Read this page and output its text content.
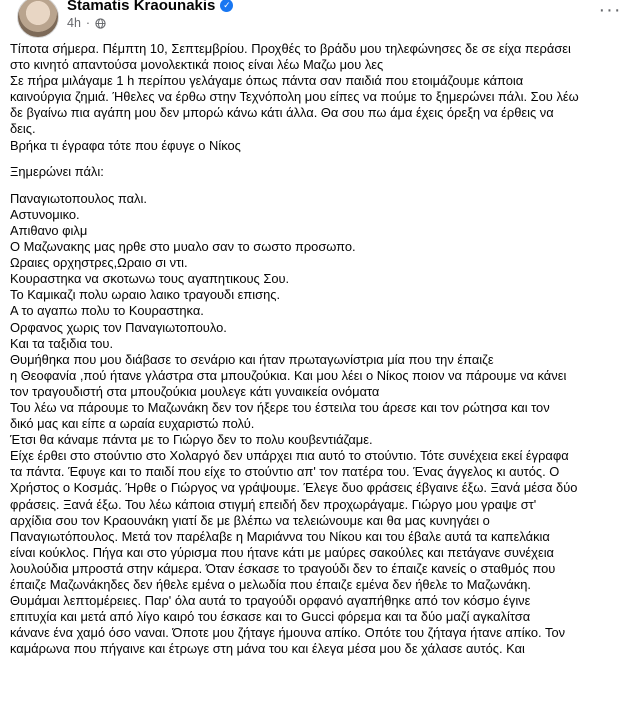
Stamatis Kraounakis ✓
4h ·
···
Τίποτα σήμερα. Πέμπτη 10, Σεπτεμβρίου. Προχθές το βράδυ μου τηλεφώνησες δε σε είχα περάσει
στο κινητό απαντούσα μονολεκτικά ποιος είναι λέω Μαζω μου λες
Σε πήρα μιλάγαμε 1 h περίπου γελάγαμε όπως πάντα σαν παιδιά που ετοιμάζουμε κάποια
καινούργια ζημιά. Ήθελες να έρθω στην Τεχνόπολη μου είπες να πούμε το ξημερώνει πάλι. Σου λέω
δε βγαίνω πια αγάπη μου δεν μπορώ κάνω κάτι άλλα. Θα σου πω άμα έχεις όρεξη να έρθεις να
δεις.
Βρήκα τι έγραφα τότε που έφυγε ο Νίκος
Ξημερώνει πάλι:
Παναγιωτοπουλος παλι.
Αστυνομικο.
Απιθανο φιλμ
Ο Μαζωνακης μας ηρθε στο μυαλο σαν το σωστο προσωπο.
Ωραιες ορχηστρες,Ωραιο σι ντι.
Κουραστηκα να σκοτωνω τους αγαπητικους Σου.
Το Καμικαζι πολυ ωραιο λαικο τραγουδι επισης.
Α το αγαπω πολυ το Κουραστηκα.
Ορφανος χωρις τον Παναγιωτοπουλο.
Και τα ταξιδια του.
Θυμήθηκα που μου διάβασε το σενάριο και ήταν πρωταγωνίστρια μία που την έπαιζε
η Θεοφανία ,πού ήτανε γλάστρα στα μπουζούκια. Και μου λέει ο Νίκος ποιον να πάρουμε να κάνει
τον τραγουδιστή στα μπουζούκια μουλεγε κάτι γυναικεία ονόματα
Του λέω να πάρουμε το Μαζωνάκη δεν τον ήξερε του έστειλα του άρεσε και τον ρώτησα και τον
δικό μας και είπε α ωραία ευχαριστώ πολύ.
Έτσι θα κάναμε πάντα με το Γιώργο δεν το πολυ κουβεντιάζαμε.
Είχε έρθει στο στούντιο στο Χολαργό δεν υπάρχει πια αυτό το στούντιο. Τότε συνέχεια εκεί έγραφα
τα πάντα. Έφυγε και το παιδί που είχε το στούντιο απ' τον πατέρα του. Ένας άγγελος κι αυτός. Ο
Χρήστος ο Κοσμάς. Ήρθε ο Γιώργος να γράψουμε. Έλεγε δυο φράσεις έβγαινε έξω. Ξανά μέσα δύο
φράσεις. Ξανά έξω. Του λέω κάποια στιγμή επειδή δεν προχωράγαμε. Γιώργο μου γραψε στ'
αρχίδια σου τον Κραουνάκη γιατί δε με βλέπω να τελειώνουμε και θα μας κυνηγάει ο
Παναγιωτόπουλος. Μετά τον παρέλαβε η Μαριάννα του Νίκου και του έβαλε αυτά τα καπελάκια
είναι κούκλος. Πήγα και στο γύρισμα που ήτανε κάτι με μαύρες σακούλες και πετάγανε συνέχεια
λουλούδια μπροστά στην κάμερα. Όταν έσκασε το τραγούδι δεν το έπαιζε κανείς ο σταθμός που
έπαιζε Μαζωνάκηδες δεν ήθελε εμένα ο μελωδία που έπαιζε εμένα δεν ήθελε το Μαζωνάκη.
Θυμάμαι λεπτομέρειες. Παρ' όλα αυτά το τραγούδι ορφανό αγαπήθηκε από τον κόσμο έγινε
επιτυχία και μετά από λίγο καιρό του έσκασε και το Gucci φόρεμα και τα δύο μαζί αγκαλίτσα
κάνανε ένα χαμό όσο ναναι. Όποτε μου ζήταγε ήμουνα απίκο. Οπότε του ζήταγα ήτανε απίκο. Τον
καμάρωνα που πήγαινε και έτρωγε στη μάνα του και έλεγα μέσα μου δε χάλασε αυτός. Και
